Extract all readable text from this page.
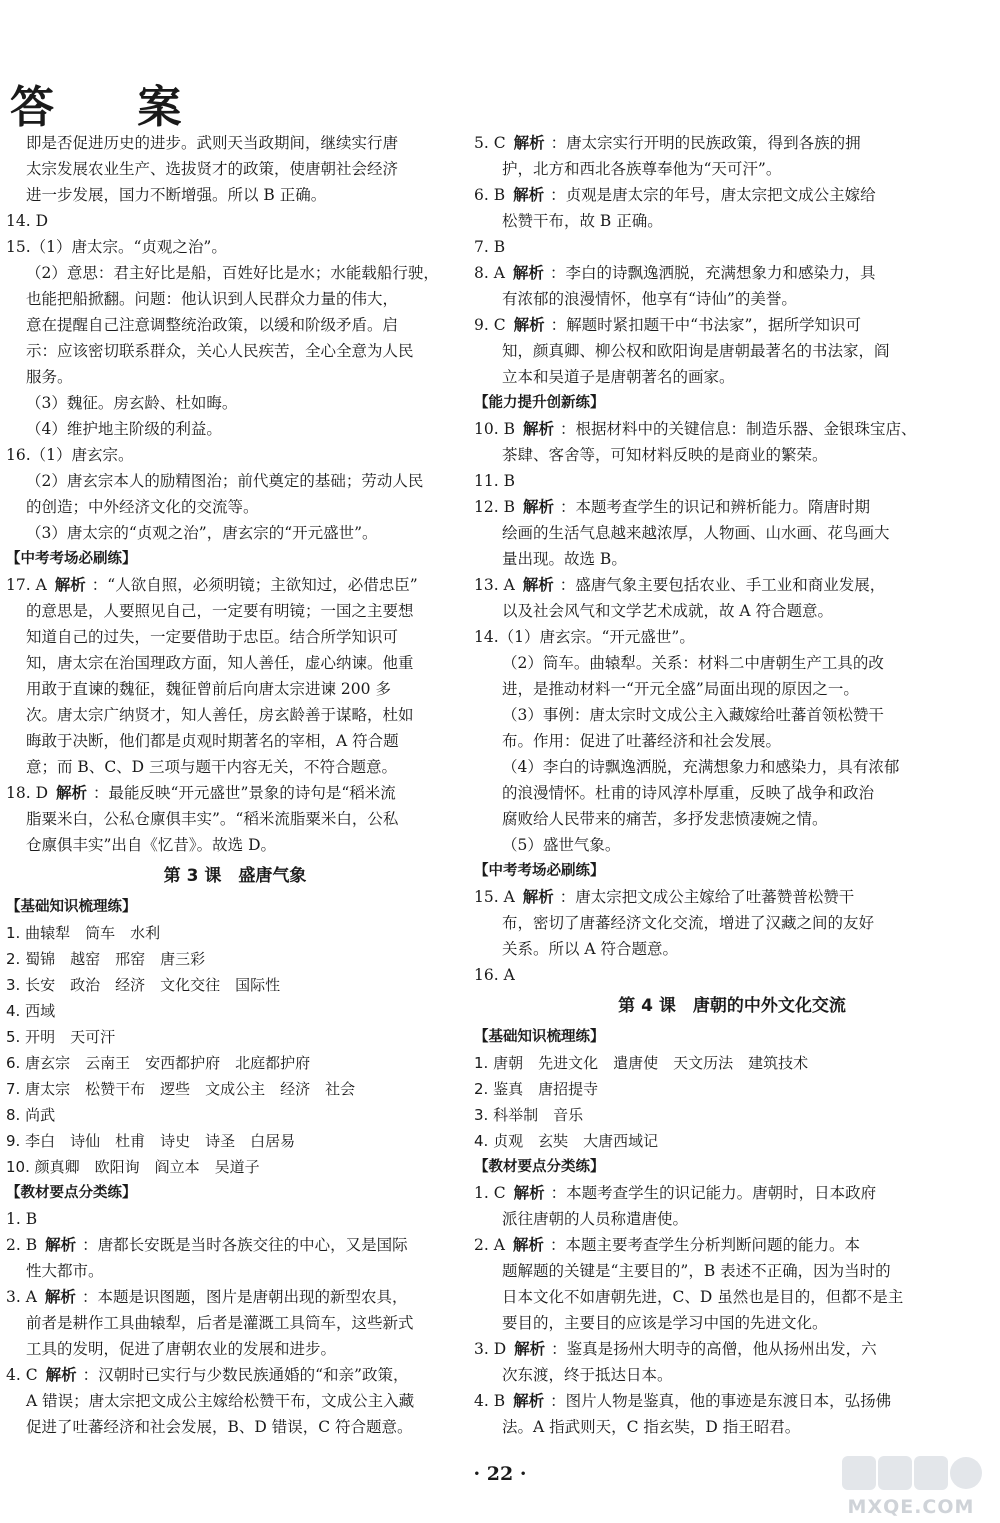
答 案
即是否促进历史的进步。武则天当政期间，继续实行唐
太宗发展农业生产、选拔贤才的政策，使唐朝社会经济
进一步发展，国力不断增强。所以 B 正确。
14. D
15.（1）唐太宗。“贞观之治”。
（2）意思：君主好比是船，百姓好比是水；水能载船行驶，
也能把船掀翻。问题：他认识到人民群众力量的伟大，
意在提醒自己注意调整统治政策，以缓和阶级矛盾。启
示：应该密切联系群众，关心人民疾苦，全心全意为人民
服务。
（3）魏征。房玄龄、杜如晦。
（4）维护地主阶级的利益。
16.（1）唐玄宗。
（2）唐玄宗本人的励精图治；前代奠定的基础；劳动人民
的创造；中外经济文化的交流等。
（3）唐太宗的“贞观之治”，唐玄宗的“开元盛世”。
【中考考场必刷练】
17. A 解析 ：“人欲自照，必须明镜；主欲知过，必借忠臣”
的意思是，人要照见自己，一定要有明镜；一国之主要想
知道自己的过失，一定要借助于忠臣。结合所学知识可
知，唐太宗在治国理政方面，知人善任，虚心纳谏。他重
用敢于直谏的魏征，魏征曾前后向唐太宗进谏 200 多
次。唐太宗广纳贤才，知人善任，房玄龄善于谋略，杜如
晦敢于决断，他们都是贞观时期著名的宰相，A 符合题
意；而 B、C、D 三项与题干内容无关，不符合题意。
18. D 解析 ：最能反映“开元盛世”景象的诗句是“稻米流
脂粟米白，公私仓廪俱丰实”。“稻米流脂粟米白，公私
仓廪俱丰实”出自《忆昔》。故选 D。
第 3 课　盛唐气象
【基础知识梳理练】
1. 曲辕犁　筒车　水利
2. 蜀锦　越窑　邢窑　唐三彩
3. 长安　政治　经济　文化交往　国际性
4. 西域
5. 开明　天可汗
6. 唐玄宗　云南王　安西都护府　北庭都护府
7. 唐太宗　松赞干布　逻些　文成公主　经济　社会
8. 尚武
9. 李白　诗仙　杜甫　诗史　诗圣　白居易
10. 颜真卿　欧阳询　阎立本　吴道子
【教材要点分类练】
1. B
2. B 解析 ：唐都长安既是当时各族交往的中心，又是国际
性大都市。
3. A 解析 ：本题是识图题，图片是唐朝出现的新型农具，
前者是耕作工具曲辕犁，后者是灌溉工具筒车，这些新式
工具的发明，促进了唐朝农业的发展和进步。
4. C 解析 ：汉朝时已实行与少数民族通婚的“和亲”政策，
A 错误；唐太宗把文成公主嫁给松赞干布，文成公主入藏
促进了吐蕃经济和社会发展，B、D 错误，C 符合题意。
5. C 解析 ：唐太宗实行开明的民族政策，得到各族的拥
护，北方和西北各族尊奉他为“天可汗”。
6. B 解析 ：贞观是唐太宗的年号，唐太宗把文成公主嫁给
松赞干布，故 B 正确。
7. B
8. A 解析 ：李白的诗飘逸洒脱，充满想象力和感染力，具
有浓郁的浪漫情怀，他享有“诗仙”的美誉。
9. C 解析 ：解题时紧扣题干中“书法家”，据所学知识可
知，颜真卿、柳公权和欧阳询是唐朝最著名的书法家，阎
立本和吴道子是唐朝著名的画家。
【能力提升创新练】
10. B 解析 ：根据材料中的关键信息：制造乐器、金银珠宝店、
茶肆、客舍等，可知材料反映的是商业的繁荣。
11. B
12. B 解析 ：本题考查学生的识记和辨析能力。隋唐时期
绘画的生活气息越来越浓厚，人物画、山水画、花鸟画大
量出现。故选 B。
13. A 解析 ：盛唐气象主要包括农业、手工业和商业发展，
以及社会风气和文学艺术成就，故 A 符合题意。
14.（1）唐玄宗。“开元盛世”。
（2）筒车。曲辕犁。关系：材料二中唐朝生产工具的改
进，是推动材料一“开元全盛”局面出现的原因之一。
（3）事例：唐太宗时文成公主入藏嫁给吐蕃首领松赞干
布。作用：促进了吐蕃经济和社会发展。
（4）李白的诗飘逸洒脱，充满想象力和感染力，具有浓郁
的浪漫情怀。杜甫的诗风淳朴厚重，反映了战争和政治
腐败给人民带来的痛苦，多抒发悲愤凄婉之情。
（5）盛世气象。
【中考考场必刷练】
15. A 解析 ：唐太宗把文成公主嫁给了吐蕃赞普松赞干
布，密切了唐蕃经济文化交流，增进了汉藏之间的友好
关系。所以 A 符合题意。
16. A
第 4 课　唐朝的中外文化交流
【基础知识梳理练】
1. 唐朝　先进文化　遣唐使　天文历法　建筑技术
2. 鉴真　唐招提寺
3. 科举制　音乐
4. 贞观　玄奘　大唐西域记
【教材要点分类练】
1. C 解析 ：本题考查学生的识记能力。唐朝时，日本政府
派往唐朝的人员称遣唐使。
2. A 解析 ：本题主要考查学生分析判断问题的能力。本
题解题的关键是“主要目的”，B 表述不正确，因为当时的
日本文化不如唐朝先进，C、D 虽然也是目的，但都不是主
要目的，主要目的应该是学习中国的先进文化。
3. D 解析 ：鉴真是扬州大明寺的高僧，他从扬州出发，六
次东渡，终于抵达日本。
4. B 解析 ：图片人物是鉴真，他的事迹是东渡日本，弘扬佛
法。A 指武则天，C 指玄奘，D 指王昭君。
· 22 ·
MXQE.COM
